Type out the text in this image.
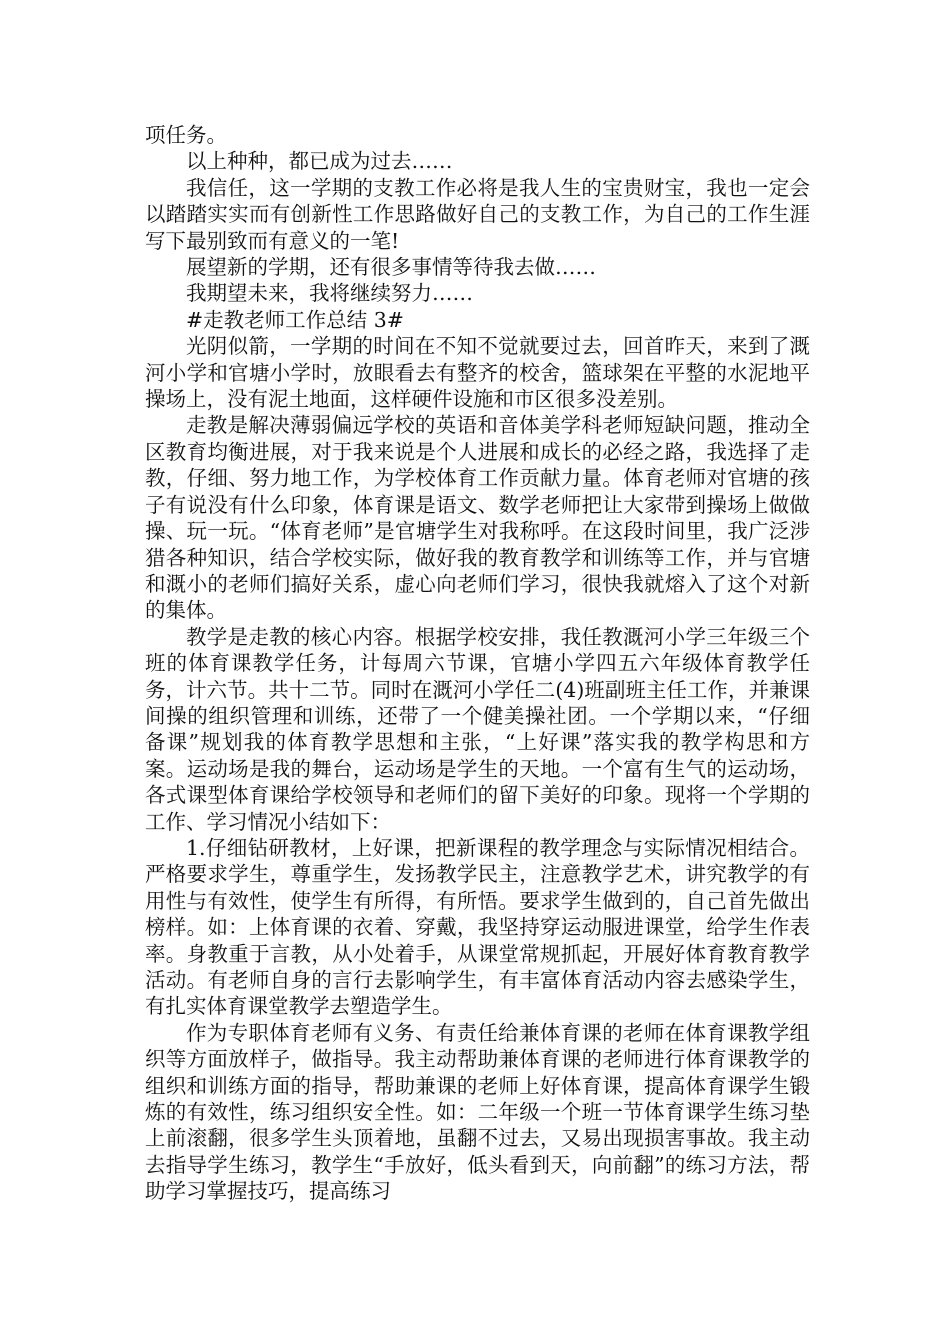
项任务。

以上种种，都已成为过去……

我信任，这一学期的支教工作必将是我人生的宝贵财宝，我也一定会以踏踏实实而有创新性工作思路做好自己的支教工作，为自己的工作生涯写下最别致而有意义的一笔!

展望新的学期，还有很多事情等待我去做……

我期望未来，我将继续努力……

#走教老师工作总结 3#

光阴似箭，一学期的时间在不知不觉就要过去，回首昨天，来到了溉河小学和官塘小学时，放眼看去有整齐的校舍，篮球架在平整的水泥地平操场上，没有泥土地面，这样硬件设施和市区很多没差别。

走教是解决薄弱偏远学校的英语和音体美学科老师短缺问题，推动全区教育均衡进展，对于我来说是个人进展和成长的必经之路，我选择了走教，仔细、努力地工作，为学校体育工作贡献力量。体育老师对官塘的孩子有说没有什么印象，体育课是语文、数学老师把让大家带到操场上做做操、玩一玩。“体育老师”是官塘学生对我称呼。在这段时间里，我广泛涉猎各种知识，结合学校实际，做好我的教育教学和训练等工作，并与官塘和溉小的老师们搞好关系，虚心向老师们学习，很快我就熔入了这个对新的集体。

教学是走教的核心内容。根据学校安排，我任教溉河小学三年级三个班的体育课教学任务，计每周六节课，官塘小学四五六年级体育教学任务，计六节。共十二节。同时在溉河小学任二(4)班副班主任工作，并兼课间操的组织管理和训练，还带了一个健美操社团。一个学期以来，“仔细备课”规划我的体育教学思想和主张，“上好课”落实我的教学构思和方案。运动场是我的舞台，运动场是学生的天地。一个富有生气的运动场，各式课型体育课给学校领导和老师们的留下美好的印象。现将一个学期的工作、学习情况小结如下：

1.仔细钻研教材，上好课，把新课程的教学理念与实际情况相结合。严格要求学生，尊重学生，发扬教学民主，注意教学艺术，讲究教学的有用性与有效性，使学生有所得，有所悟。要求学生做到的，自己首先做出榜样。如：上体育课的衣着、穿戴，我坚持穿运动服进课堂，给学生作表率。身教重于言教，从小处着手，从课堂常规抓起，开展好体育教育教学活动。有老师自身的言行去影响学生，有丰富体育活动内容去感染学生，有扎实体育课堂教学去塑造学生。

作为专职体育老师有义务、有责任给兼体育课的老师在体育课教学组织等方面放样子，做指导。我主动帮助兼体育课的老师进行体育课教学的组织和训练方面的指导，帮助兼课的老师上好体育课，提高体育课学生锻炼的有效性，练习组织安全性。如：二年级一个班一节体育课学生练习垫上前滚翻，很多学生头顶着地，虽翻不过去，又易出现损害事故。我主动去指导学生练习，教学生“手放好，低头看到天，向前翻”的练习方法，帮助学习掌握技巧，提高练习
